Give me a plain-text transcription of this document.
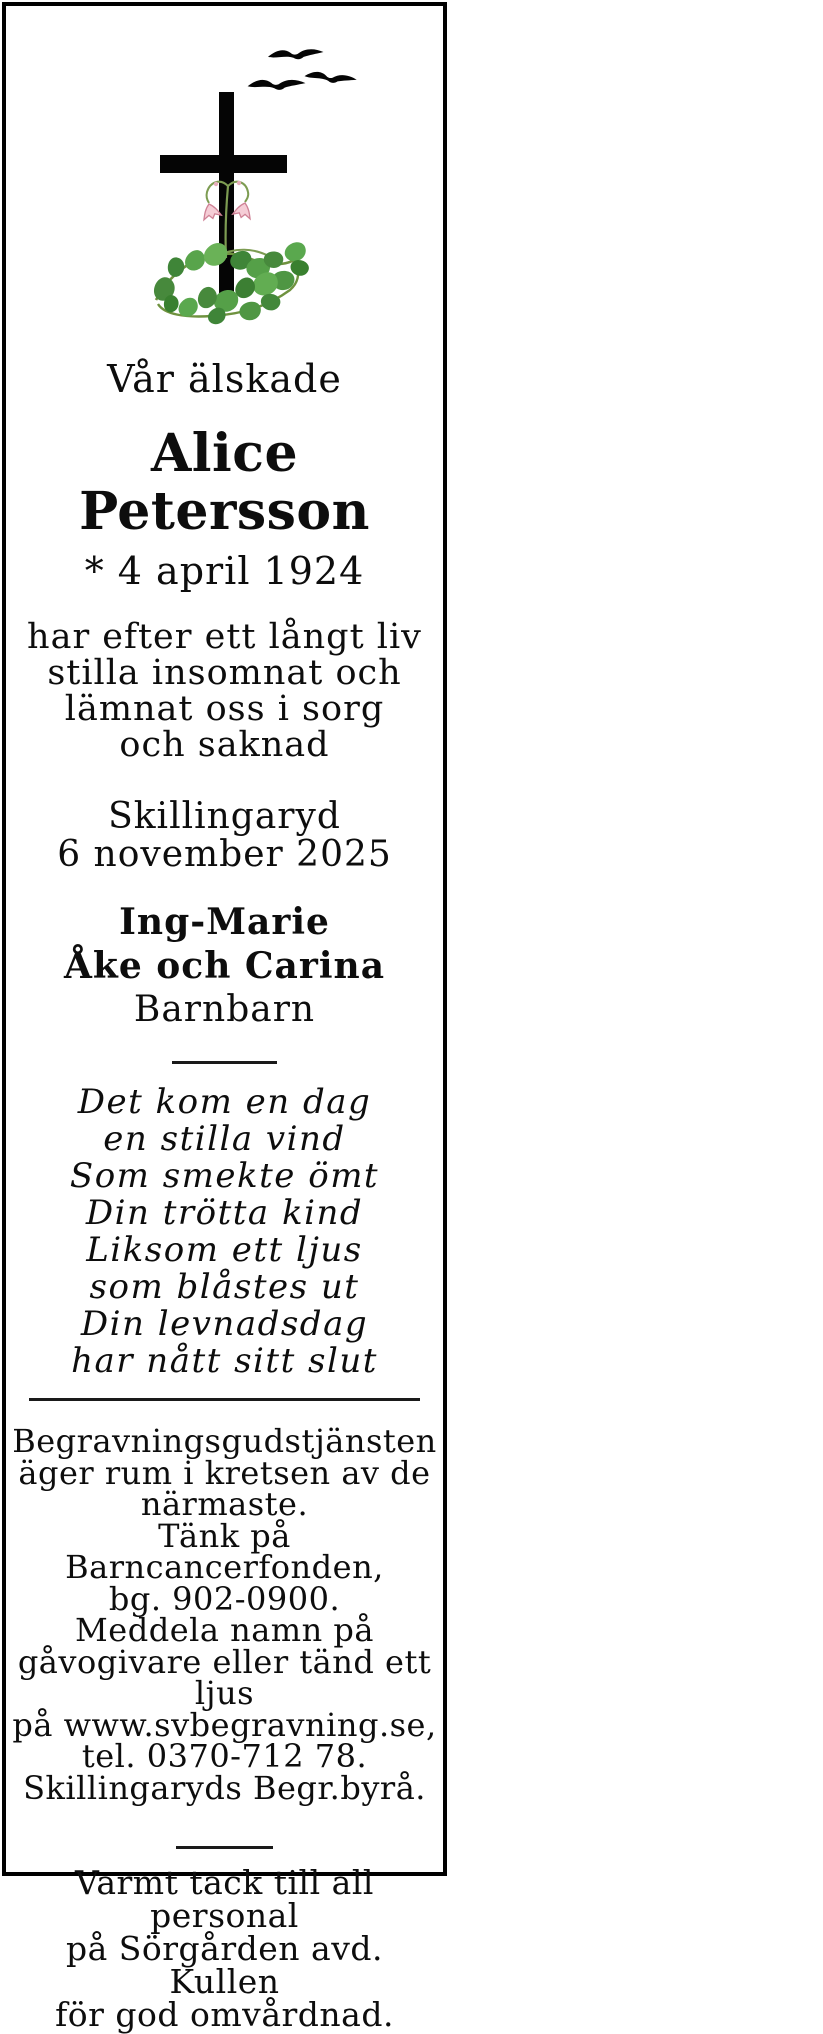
Vår älskade
Alice Petersson
* 4 april 1924
har efter ett långt liv
stilla insomnat och
lämnat oss i sorg
och saknad
Skillingaryd
6 november 2025
Ing-Marie
Åke och Carina
Barnbarn
Det kom en dag
en stilla vind
Som smekte ömt
Din trötta kind
Liksom ett ljus
som blåstes ut
Din levnadsdag
har nått sitt slut
Begravningsgudstjänsten
äger rum i kretsen av de
närmaste.
Tänk på Barncancerfonden,
bg. 902-0900.
Meddela namn på
gåvogivare eller tänd ett ljus
på www.svbegravning.se,
tel. 0370-712 78.
Skillingaryds Begr.byrå.
Varmt tack till all personal
på Sörgården avd. Kullen
för god omvårdnad.
